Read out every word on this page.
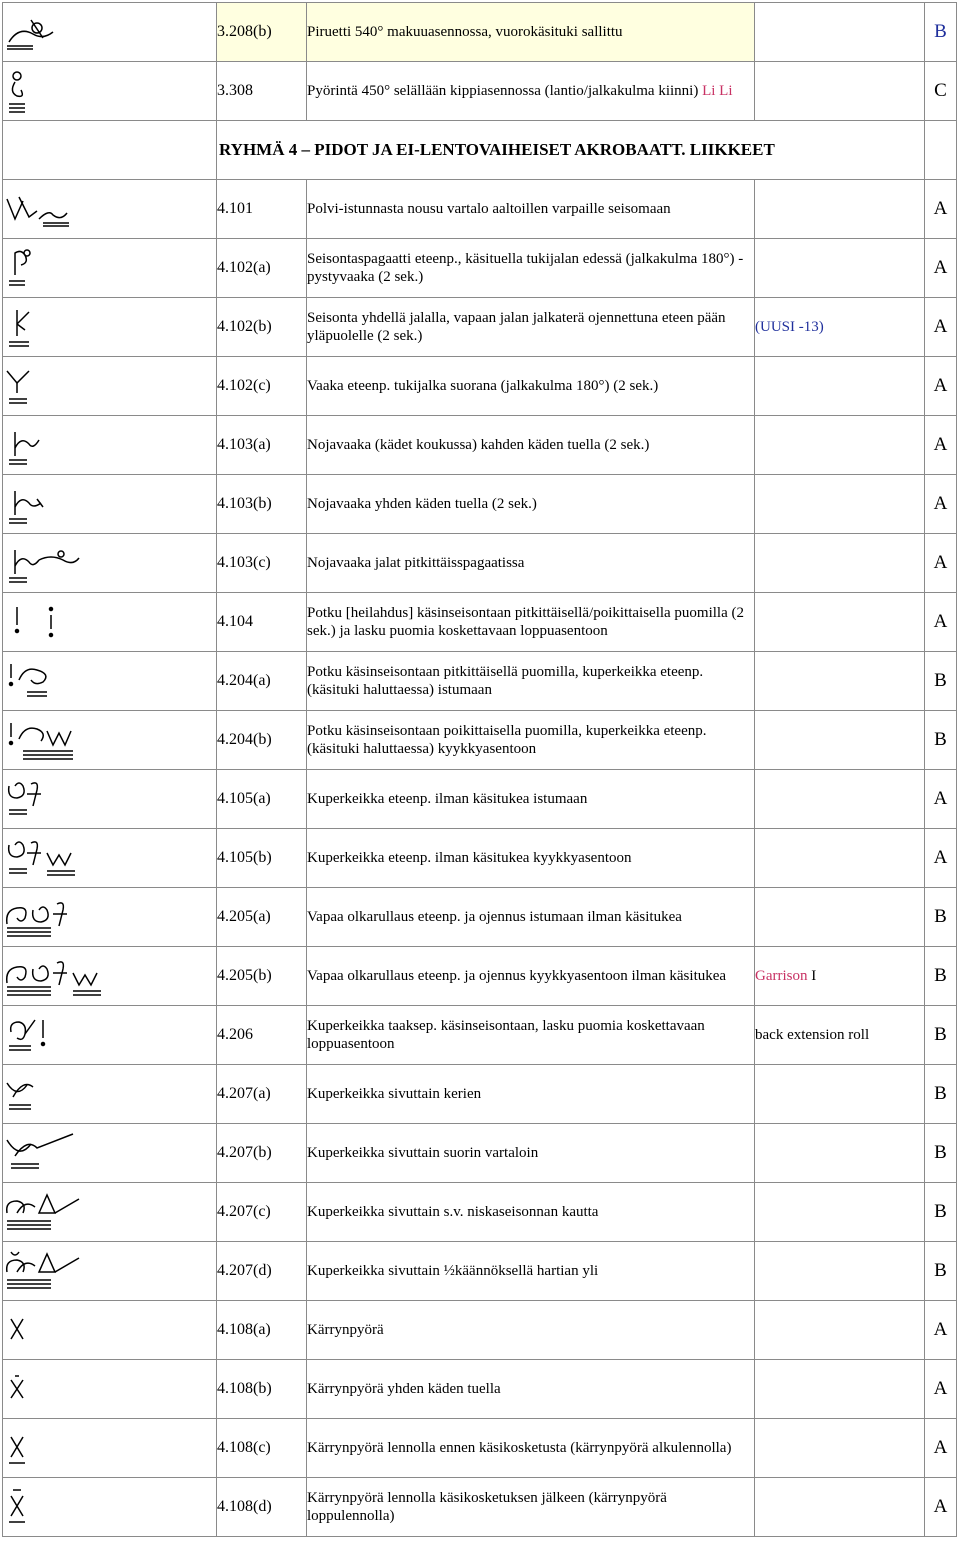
	3.208(b)	Piruetti 540° makuuasennossa, vuorokäsituki sallittu		B

	3.308	Pyörintä 450° selällään kippiasennossa (lantio/jalkakulma kiinni) Li Li		C
	RYHMÄ 4 – PIDOT JA EI-LENTOVAIHEISET AKROBAATT. LIIKKEET			

	4.101	Polvi-istunnasta nousu vartalo aaltoillen varpaille seisomaan		A

	4.102(a)	Seisontaspagaatti eteenp., käsituella tukijalan edessä (jalkakulma 180°) - pystyvaaka (2 sek.)		A

	4.102(b)	Seisonta yhdellä jalalla, vapaan jalan jalkaterä ojennettuna eteen pään yläpuolelle (2 sek.)	(UUSI -13)	A

	4.102(c)	Vaaka eteenp. tukijalka suorana (jalkakulma 180°) (2 sek.)		A

	4.103(a)	Nojavaaka (kädet koukussa) kahden käden tuella (2 sek.)		A

	4.103(b)	Nojavaaka yhden käden tuella (2 sek.)		A

	4.103(c)	Nojavaaka jalat pitkittäisspagaatissa		A

	4.104	Potku [heilahdus] käsinseisontaan pitkittäisellä/poikittaisella puomilla (2 sek.) ja lasku puomia koskettavaan loppuasentoon		A

	4.204(a)	Potku käsinseisontaan pitkittäisellä puomilla, kuperkeikka eteenp. (käsituki haluttaessa) istumaan		B

	4.204(b)	Potku käsinseisontaan poikittaisella puomilla, kuperkeikka eteenp. (käsituki haluttaessa) kyykkyasentoon		B

	4.105(a)	Kuperkeikka eteenp. ilman käsitukea istumaan		A

	4.105(b)	Kuperkeikka eteenp. ilman käsitukea kyykkyasentoon		A

	4.205(a)	Vapaa olkarullaus eteenp. ja ojennus istumaan ilman käsitukea		B

	4.205(b)	Vapaa olkarullaus eteenp. ja ojennus kyykkyasentoon ilman käsitukea	Garrison I	B

	4.206	Kuperkeikka taaksep. käsinseisontaan, lasku puomia koskettavaan loppuasentoon	back extension roll	B

	4.207(a)	Kuperkeikka sivuttain kerien		B

	4.207(b)	Kuperkeikka sivuttain suorin vartaloin		B

	4.207(c)	Kuperkeikka sivuttain s.v. niskaseisonnan kautta		B

	4.207(d)	Kuperkeikka sivuttain ½käännöksellä hartian yli		B

	4.108(a)	Kärrynpyörä		A

	4.108(b)	Kärrynpyörä yhden käden tuella		A

	4.108(c)	Kärrynpyörä lennolla ennen käsikosketusta (kärrynpyörä alkulennolla)		A

	4.108(d)	Kärrynpyörä lennolla käsikosketuksen jälkeen (kärrynpyörä loppulennolla)		A
